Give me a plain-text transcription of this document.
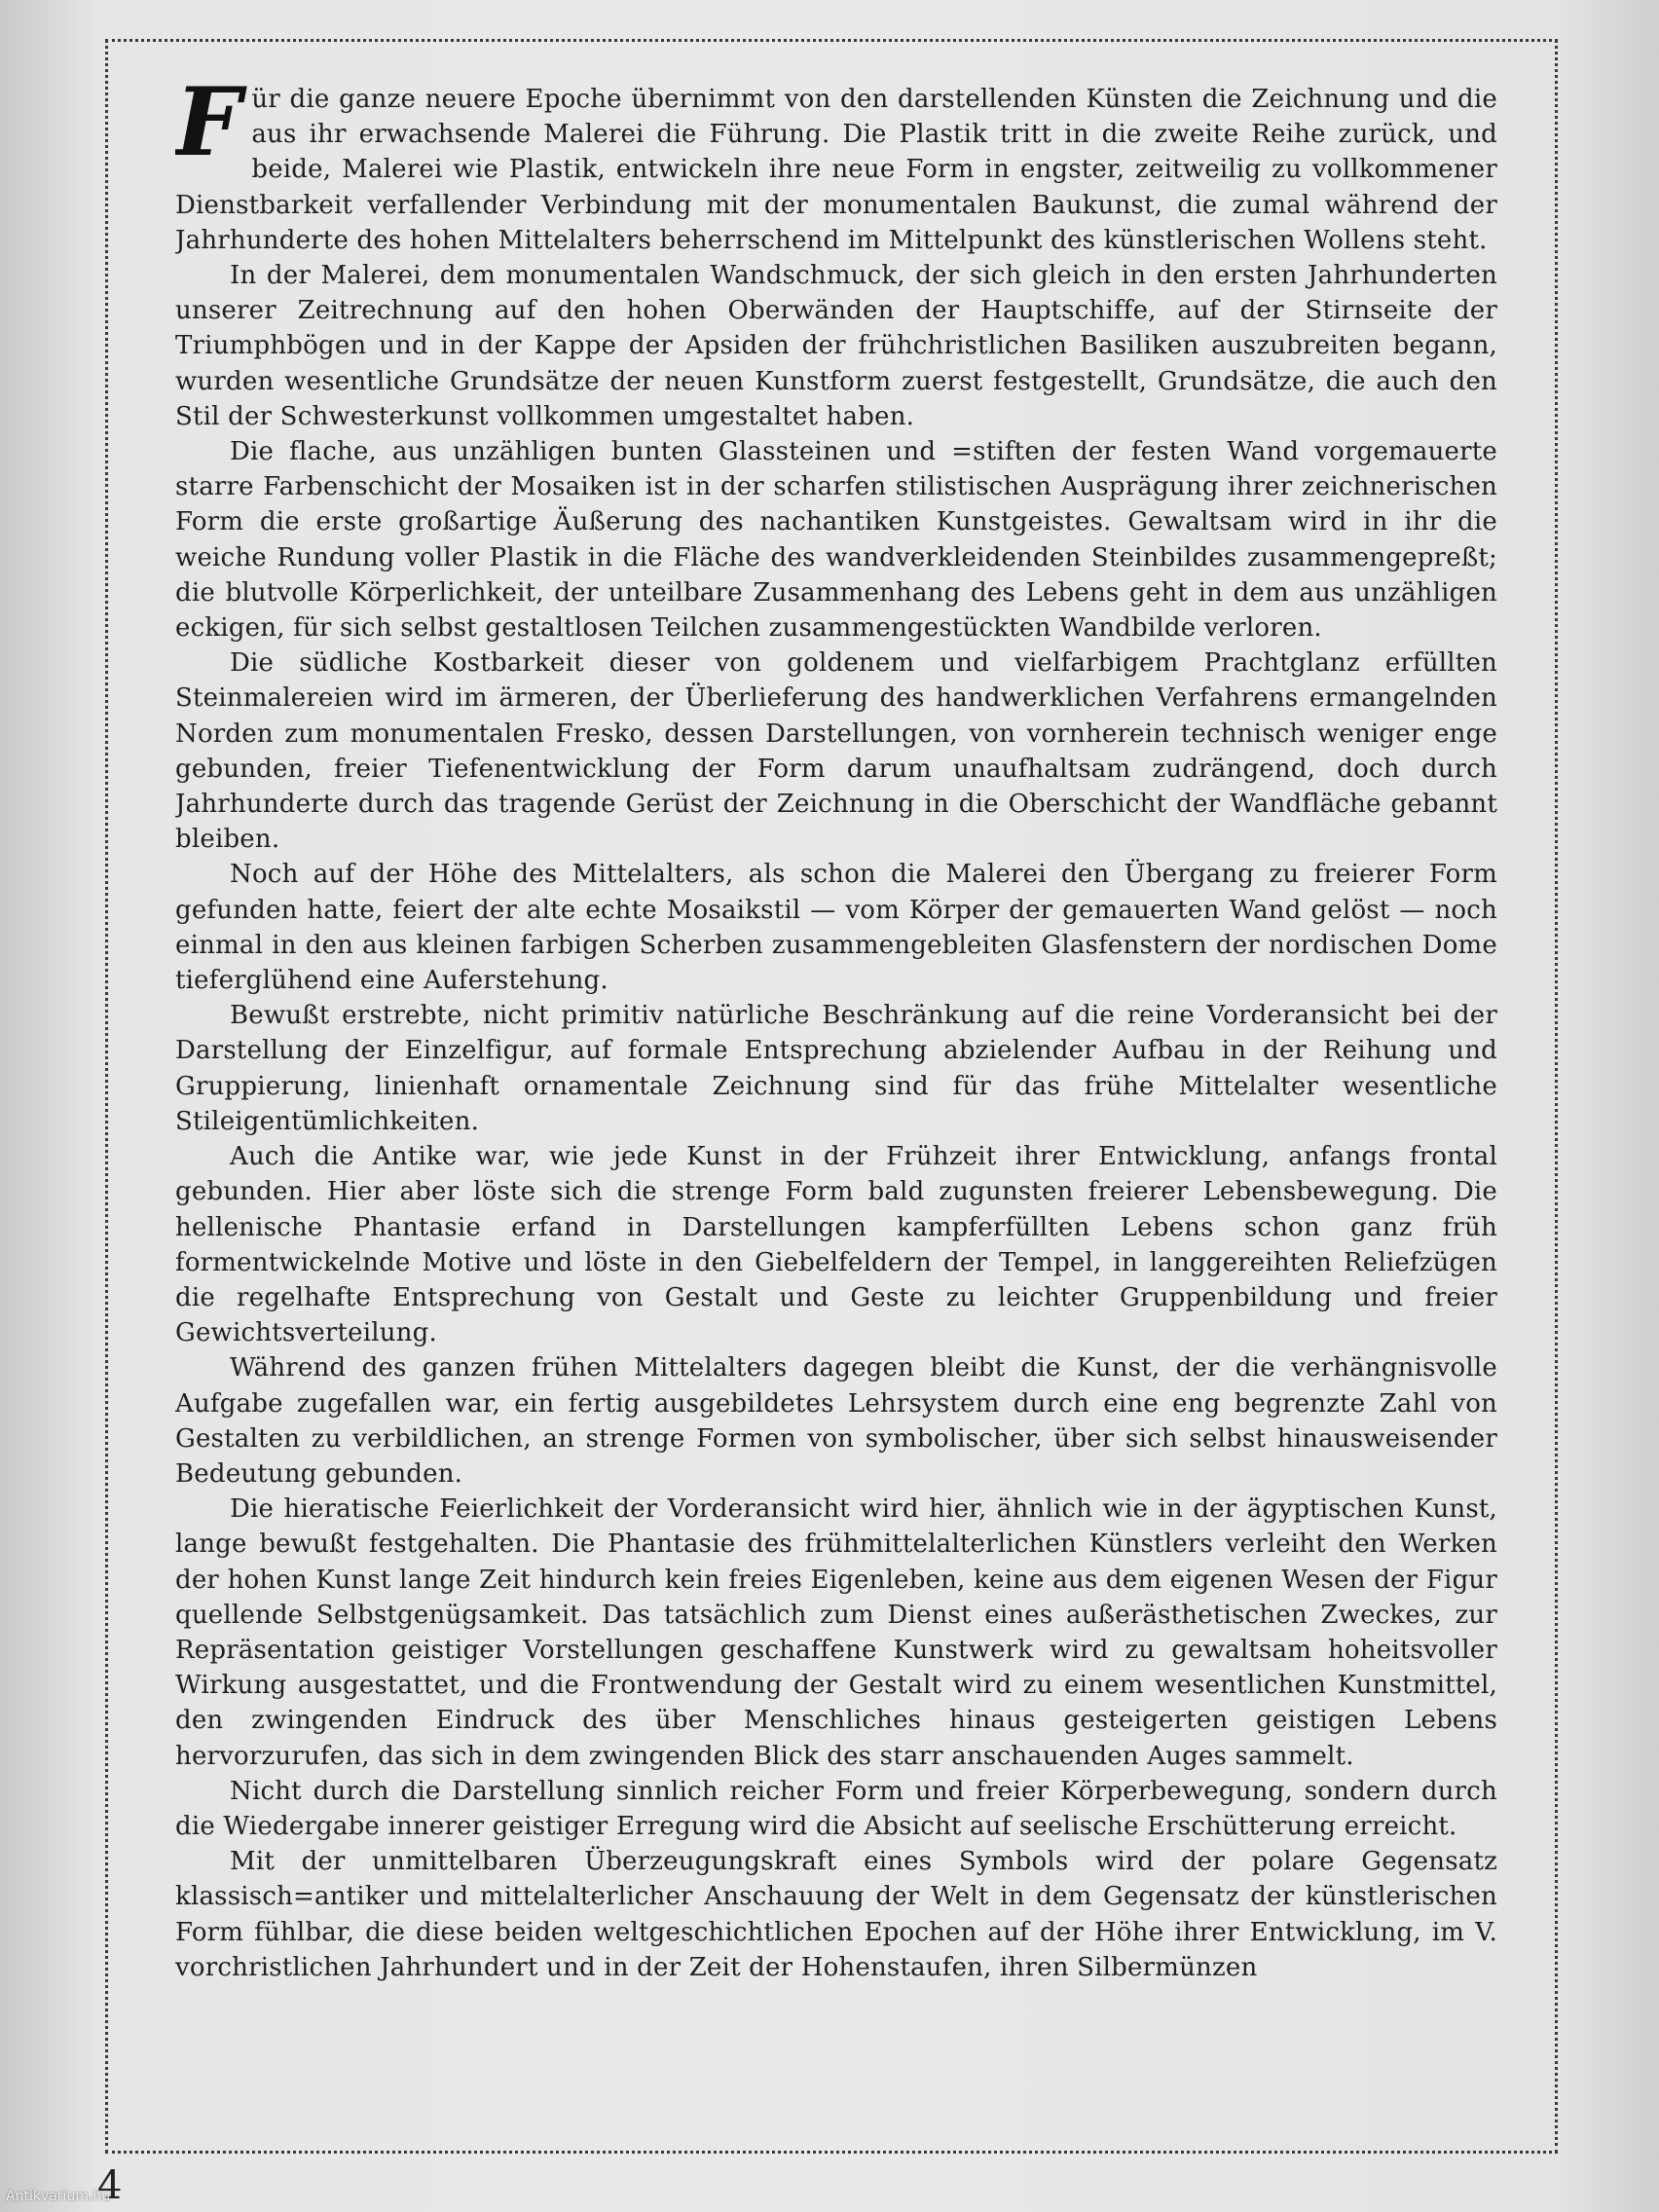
Für die ganze neuere Epoche übernimmt von den darstellenden Künsten die Zeichnung und die aus ihr erwachsende Malerei die Führung. Die Plastik tritt in die zweite Reihe zurück, und beide, Malerei wie Plastik, entwickeln ihre neue Form in engster, zeitweilig zu vollkommener Dienstbarkeit verfallender Verbindung mit der monumentalen Baukunst, die zumal während der Jahrhunderte des hohen Mittelalters beherrschend im Mittelpunkt des künstlerischen Wollens steht.

In der Malerei, dem monumentalen Wandschmuck, der sich gleich in den ersten Jahrhunderten unserer Zeitrechnung auf den hohen Oberwänden der Hauptschiffe, auf der Stirnseite der Triumphbögen und in der Kappe der Apsiden der frühchristlichen Basiliken auszubreiten begann, wurden wesentliche Grundsätze der neuen Kunstform zuerst festgestellt, Grundsätze, die auch den Stil der Schwesterkunst vollkommen umgestaltet haben.

Die flache, aus unzähligen bunten Glassteinen und =stiften der festen Wand vorgemauerte starre Farbenschicht der Mosaiken ist in der scharfen stilistischen Ausprägung ihrer zeichnerischen Form die erste großartige Äußerung des nachantiken Kunstgeistes. Gewaltsam wird in ihr die weiche Rundung voller Plastik in die Fläche des wandverkleidenden Steinbildes zusammengepreßt; die blutvolle Körperlichkeit, der unteilbare Zusammenhang des Lebens geht in dem aus unzähligen eckigen, für sich selbst gestaltlosen Teilchen zusammengestückten Wandbilde verloren.

Die südliche Kostbarkeit dieser von goldenem und vielfarbigem Prachtglanz erfüllten Steinmalereien wird im ärmeren, der Überlieferung des handwerklichen Verfahrens ermangelnden Norden zum monumentalen Fresko, dessen Darstellungen, von vornherein technisch weniger enge gebunden, freier Tiefenentwicklung der Form darum unaufhaltsam zudrängend, doch durch Jahrhunderte durch das tragende Gerüst der Zeichnung in die Oberschicht der Wandfläche gebannt bleiben.

Noch auf der Höhe des Mittelalters, als schon die Malerei den Übergang zu freierer Form gefunden hatte, feiert der alte echte Mosaikstil — vom Körper der gemauerten Wand gelöst — noch einmal in den aus kleinen farbigen Scherben zusammengebleiten Glasfenstern der nordischen Dome tieferglühend eine Auferstehung.

Bewußt erstrebte, nicht primitiv natürliche Beschränkung auf die reine Vorderansicht bei der Darstellung der Einzelfigur, auf formale Entsprechung abzielender Aufbau in der Reihung und Gruppierung, linienhaft ornamentale Zeichnung sind für das frühe Mittelalter wesentliche Stileigentümlichkeiten.

Auch die Antike war, wie jede Kunst in der Frühzeit ihrer Entwicklung, anfangs frontal gebunden. Hier aber löste sich die strenge Form bald zugunsten freierer Lebensbewegung. Die hellenische Phantasie erfand in Darstellungen kampferfüllten Lebens schon ganz früh formentwickelnde Motive und löste in den Giebelfeldern der Tempel, in langgereihten Reliefzügen die regelhafte Entsprechung von Gestalt und Geste zu leichter Gruppenbildung und freier Gewichtsverteilung.

Während des ganzen frühen Mittelalters dagegen bleibt die Kunst, der die verhängnisvolle Aufgabe zugefallen war, ein fertig ausgebildetes Lehrsystem durch eine eng begrenzte Zahl von Gestalten zu verbildlichen, an strenge Formen von symbolischer, über sich selbst hinausweisender Bedeutung gebunden.

Die hieratische Feierlichkeit der Vorderansicht wird hier, ähnlich wie in der ägyptischen Kunst, lange bewußt festgehalten. Die Phantasie des frühmittelalterlichen Künstlers verleiht den Werken der hohen Kunst lange Zeit hindurch kein freies Eigenleben, keine aus dem eigenen Wesen der Figur quellende Selbstgenügsamkeit. Das tatsächlich zum Dienst eines außerästhetischen Zweckes, zur Repräsentation geistiger Vorstellungen geschaffene Kunstwerk wird zu gewaltsam hoheitsvoller Wirkung ausgestattet, und die Frontwendung der Gestalt wird zu einem wesentlichen Kunstmittel, den zwingenden Eindruck des über Menschliches hinaus gesteigerten geistigen Lebens hervorzurufen, das sich in dem zwingenden Blick des starr anschauenden Auges sammelt.

Nicht durch die Darstellung sinnlich reicher Form und freier Körperbewegung, sondern durch die Wiedergabe innerer geistiger Erregung wird die Absicht auf seelische Erschütterung erreicht.

Mit der unmittelbaren Überzeugungskraft eines Symbols wird der polare Gegensatz klassisch=antiker und mittelalterlicher Anschauung der Welt in dem Gegensatz der künstlerischen Form fühlbar, die diese beiden weltgeschichtlichen Epochen auf der Höhe ihrer Entwicklung, im V. vorchristlichen Jahrhundert und in der Zeit der Hohenstaufen, ihren Silbermünzen

4
Antikvarium.hu
